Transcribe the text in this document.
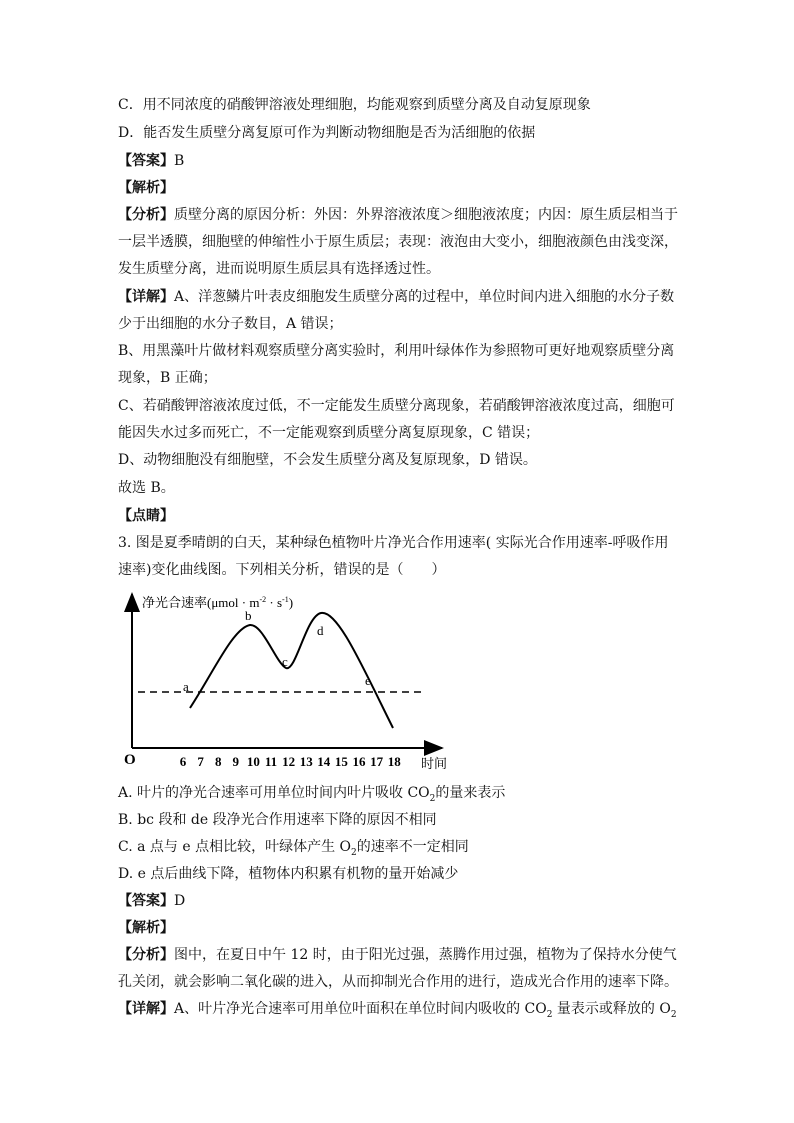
C．用不同浓度的硝酸钾溶液处理细胞，均能观察到质壁分离及自动复原现象
D．能否发生质壁分离复原可作为判断动物细胞是否为活细胞的依据
【答案】B
【解析】
【分析】质壁分离的原因分析：外因：外界溶液浓度＞细胞液浓度；内因：原生质层相当于
一层半透膜，细胞壁的伸缩性小于原生质层；表现：液泡由大变小，细胞液颜色由浅变深，
发生质壁分离，进而说明原生质层具有选择透过性。
【详解】A、洋葱鳞片叶表皮细胞发生质壁分离的过程中，单位时间内进入细胞的水分子数
少于出细胞的水分子数目，A 错误；
B、用黑藻叶片做材料观察质壁分离实验时，利用叶绿体作为参照物可更好地观察质壁分离
现象，B 正确；
C、若硝酸钾溶液浓度过低，不一定能发生质壁分离现象，若硝酸钾溶液浓度过高，细胞可
能因失水过多而死亡，不一定能观察到质壁分离复原现象，C 错误；
D、动物细胞没有细胞壁，不会发生质壁分离及复原现象，D 错误。
故选 B。
【点睛】
3. 图是夏季晴朗的白天，某种绿色植物叶片净光合作用速率( 实际光合作用速率-呼吸作用
速率)变化曲线图。下列相关分析，错误的是（　　）
净光合速率$(\mu mol \cdot m^{-2} \cdot s^{-1})$
O	时间
6 7 8 9 10 11 12 13 14 15 16 17 18
a
b
c
d
e
A. 叶片的净光合速率可用单位时间内叶片吸收 $CO_2$的量来表示
B. bc 段和 de 段净光合作用速率下降的原因不相同
C. a 点与 e 点相比较，叶绿体产生 $O_2$的速率不一定相同
D. e 点后曲线下降，植物体内积累有机物的量开始减少
【答案】D
【解析】
【分析】图中，在夏日中午 12 时，由于阳光过强，蒸腾作用过强，植物为了保持水分使气
孔关闭，就会影响二氧化碳的进入，从而抑制光合作用的进行，造成光合作用的速率下降。
【详解】A、叶片净光合速率可用单位叶面积在单位时间内吸收的 $CO_2$ 量表示或释放的 $O_2$
